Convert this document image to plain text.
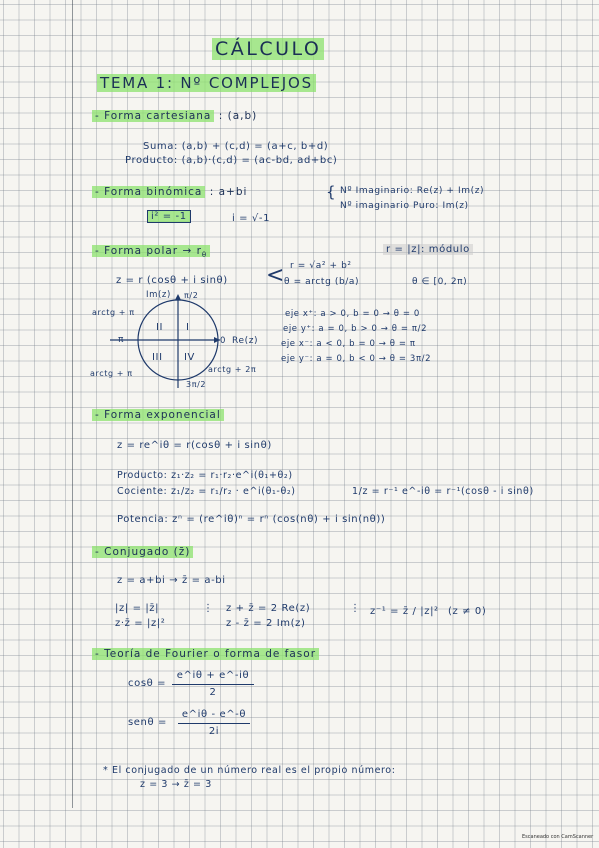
CÁLCULO
TEMA 1: Nº COMPLEJOS
- Forma cartesiana : (a,b)
Suma: (a,b) + (c,d) = (a+c, b+d)
Producto: (a,b)·(c,d) = (ac-bd, ad+bc)
- Forma binómica : a+bi	{ Nº Imaginario: Re(z) + Im(z)
Nº imaginario Puro: Im(z)
i² = -1	i = √-1
- Forma polar → $r_\theta$
r = |z|: módulo
z = r (cosθ + i sinθ) < r = √a² + b²
θ = arctg (b/a)	θ ∈ [0, 2π)
Im(z) π/2
0 Re(z)
π
3π/2
II I
III IV
arctg + π
arctg + π	arctg + 2π
eje x⁺: a > 0, b = 0 → θ = 0
eje y⁺: a = 0, b > 0 → θ = π/2
eje x⁻: a < 0, b = 0 → θ = π
eje y⁻: a = 0, b < 0 → θ = 3π/2
- Forma exponencial
z = re^iθ = r(cosθ + i sinθ)
Producto: z₁·z₂ = r₁·r₂·e^i(θ₁+θ₂)
Cociente: z₁/z₂ = r₁/r₂ · e^i(θ₁-θ₂)	1/z = r⁻¹ e^-iθ = r⁻¹(cosθ - i sinθ)
Potencia: zⁿ = (re^iθ)ⁿ = rⁿ (cos(nθ) + i sin(nθ))
- Conjugado (z̄)
z = a+bi → z̄ = a-bi
|z| = |z̄|
z·z̄ = |z|²
⋮ z + z̄ = 2 Re(z)
z - z̄ = 2 Im(z)
⋮ z⁻¹ = z̄ / |z|² (z ≠ 0)
- Teoría de Fourier o forma de fasor
cosθ =
e^iθ + e^-iθ
2
senθ =
e^iθ - e^-θ
2i
* El conjugado de un número real es el propio número:
z = 3 → z̄ = 3
Escaneado con CamScanner
